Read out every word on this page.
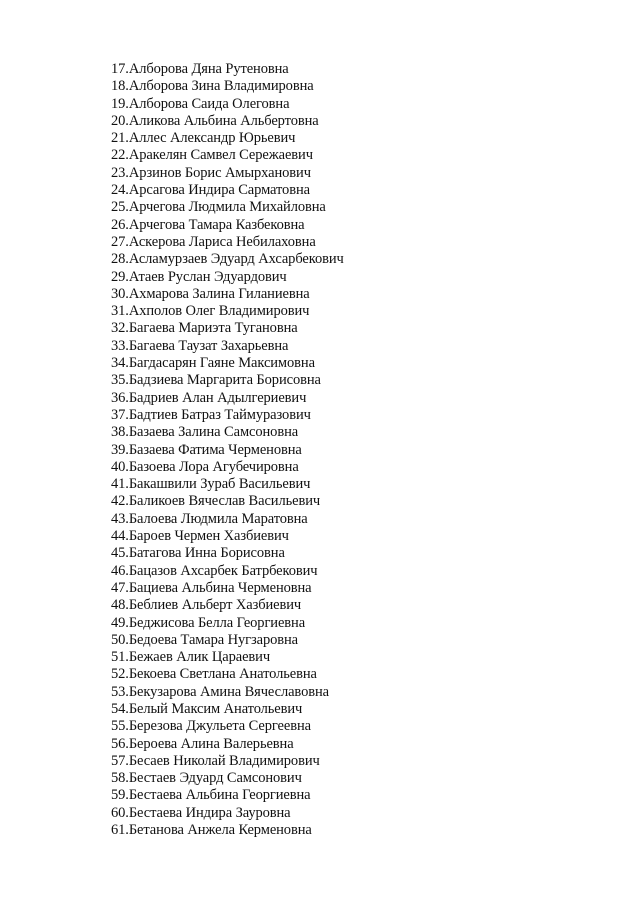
17.Алборова Дяна Рутеновна
18.Алборова Зина Владимировна
19.Алборова Саида Олеговна
20.Аликова Альбина Альбертовна
21.Аллес Александр Юрьевич
22.Аракелян Самвел Сережаевич
23.Арзинов Борис Амырханович
24.Арсагова Индира Сарматовна
25.Арчегова Людмила Михайловна
26.Арчегова Тамара Казбековна
27.Аскерова Лариса Небилаховна
28.Асламурзаев Эдуард Ахсарбекович
29.Атаев Руслан Эдуардович
30.Ахмарова Залина Гиланиевна
31.Ахполов Олег Владимирович
32.Багаева Мариэта Тугановна
33.Багаева Таузат Захарьевна
34.Багдасарян Гаяне Максимовна
35.Бадзиева Маргарита Борисовна
36.Бадриев Алан Адылгериевич
37.Бадтиев Батраз Таймуразович
38.Базаева Залина Самсоновна
39.Базаева Фатима Черменовна
40.Базоева Лора Агубечировна
41.Бакашвили Зураб Васильевич
42.Баликоев Вячеслав Васильевич
43.Балоева Людмила Маратовна
44.Бароев Чермен Хазбиевич
45.Батагова Инна Борисовна
46.Бацазов Ахсарбек Батрбекович
47.Бациева Альбина Черменовна
48.Беблиев Альберт Хазбиевич
49.Беджисова Белла Георгиевна
50.Бедоева Тамара Нугзаровна
51.Бежаев Алик Цараевич
52.Бекоева Светлана Анатольевна
53.Бекузарова Амина Вячеславовна
54.Белый Максим Анатольевич
55.Березова Джульета Сергеевна
56.Бероева Алина Валерьевна
57.Бесаев Николай Владимирович
58.Бестаев Эдуард Самсонович
59.Бестаева Альбина Георгиевна
60.Бестаева Индира Зауровна
61.Бетанова Анжела Керменовна
